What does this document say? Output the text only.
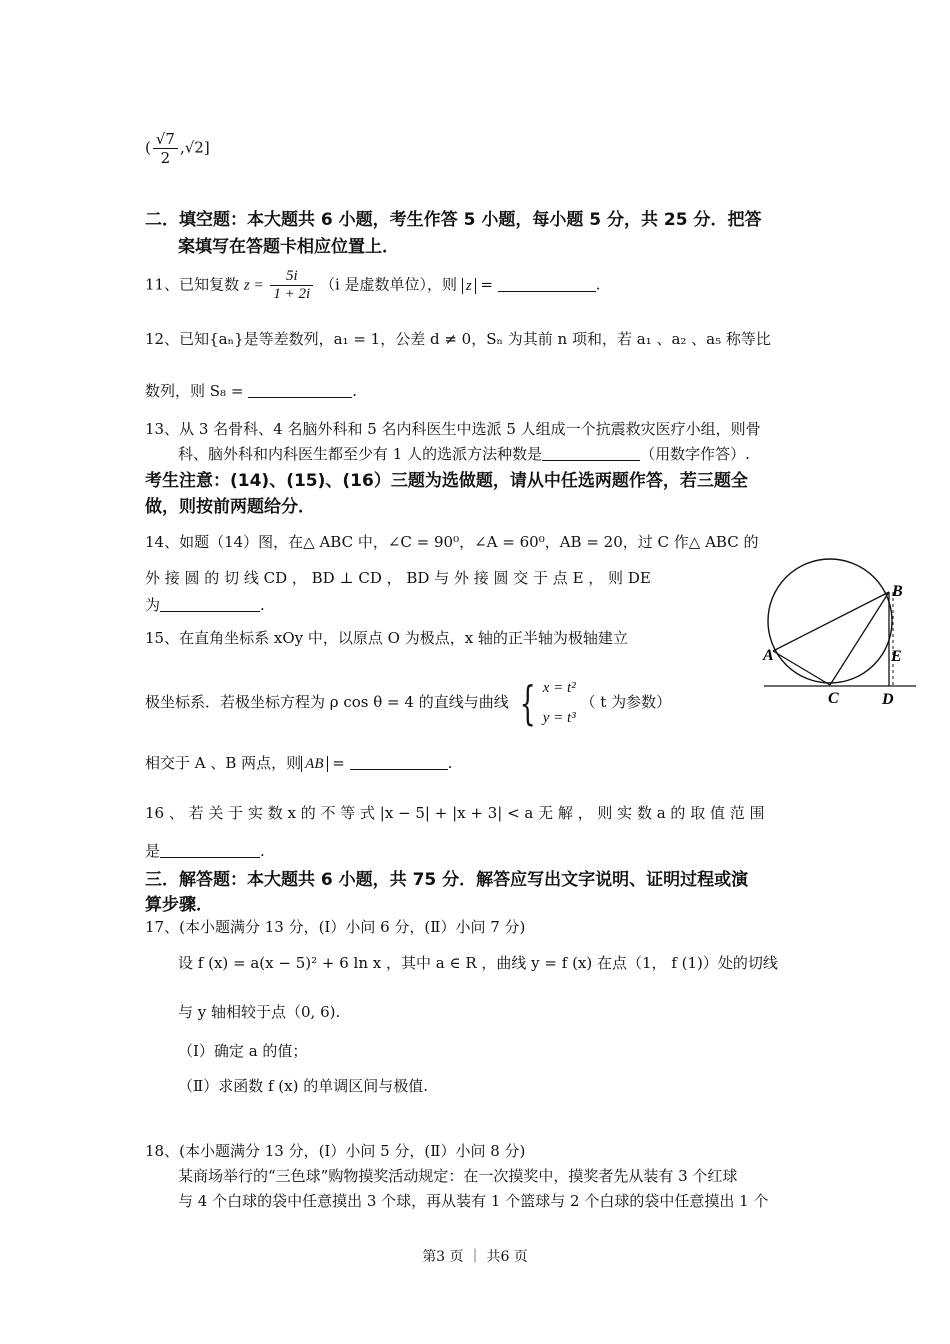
( $\frac{√7}{2} ,√2$]
二．填空题：本大题共 6 小题，考生作答 5 小题，每小题 5 分，共 25 分．把答
案填写在答题卡相应位置上．
11、已知复数 $z = \frac{5i}{1 + 2i} (i$ 是虚数单位），则 z =	.
12、已知{aₙ}是等差数列，a₁ = 1，公差 d ≠ 0，Sₙ 为其前 n 项和，若 a₁ 、a₂ 、a₅ 称等比
数列，则 S₈ =	.
13、从 3 名骨科、4 名脑外科和 5 名内科医生中选派 5 人组成一个抗震救灾医疗小组，则骨
科、脑外科和内科医生都至少有 1 人的选派方法种数是	（用数字作答）.
考生注意：(14)、(15)、(16）三题为选做题，请从中任选两题作答，若三题全
做，则按前两题给分．
14、如题（14）图，在△ ABC 中，∠C = 90⁰，∠A = 60⁰，AB = 20，过 C 作△ ABC 的
外 接 圆 的 切 线 CD ， BD ⊥ CD ， BD 与 外 接 圆 交 于 点 E ， 则 DE
为	.
B
A	E
C	D
15、在直角坐标系 xOy 中，以原点 O 为极点，x 轴的正半轴为极轴建立
极坐标系．若极坐标方程为 ρ cos θ = 4 的直线与曲线 { x = t²
y = t³
（ t 为参数）
相交于 A 、B 两点，则 AB =	.
16 、 若 关 于 实 数 x 的 不 等 式 |x − 5| + |x + 3| < a 无 解 ， 则 实 数 a 的 取 值 范 围
是	.
三．解答题：本大题共 6 小题，共 75 分．解答应写出文字说明、证明过程或演
算步骤．
17、(本小题满分 13 分，(Ⅰ）小问 6 分，(Ⅱ）小问 7 分)
设 f (x) = a(x − 5)² + 6 ln x ，其中 a ∈ R ，曲线 y = f (x) 在点（1， f (1)）处的切线
与 y 轴相较于点（0, 6).
（Ⅰ）确定 a 的值；
（Ⅱ）求函数 f (x) 的单调区间与极值.
18、(本小题满分 13 分，(Ⅰ）小问 5 分，(Ⅱ）小问 8 分)
某商场举行的“三色球”购物摸奖活动规定：在一次摸奖中，摸奖者先从装有 3 个红球
与 4 个白球的袋中任意摸出 3 个球，再从装有 1 个篮球与 2 个白球的袋中任意摸出 1 个
第3 页 ｜ 共6 页
